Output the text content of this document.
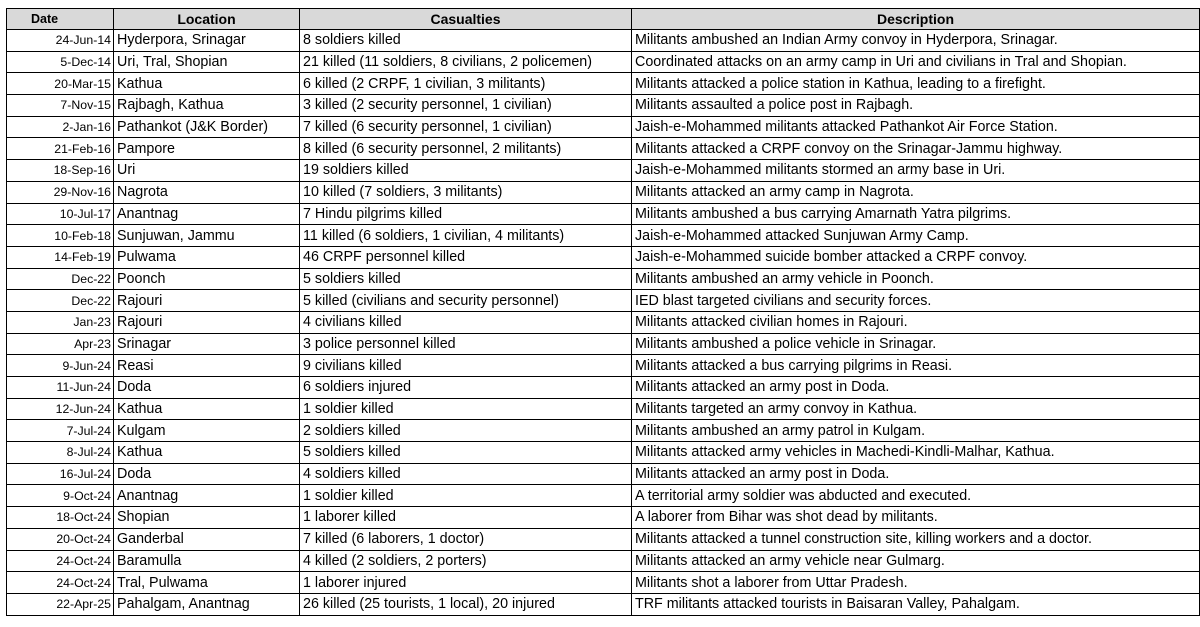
Date	Location	Casualties	Description
24-Jun-14	Hyderpora, Srinagar	8 soldiers killed	Militants ambushed an Indian Army convoy in Hyderpora, Srinagar.
5-Dec-14	Uri, Tral, Shopian	21 killed (11 soldiers, 8 civilians, 2 policemen)	Coordinated attacks on an army camp in Uri and civilians in Tral and Shopian.
20-Mar-15	Kathua	6 killed (2 CRPF, 1 civilian, 3 militants)	Militants attacked a police station in Kathua, leading to a firefight.
7-Nov-15	Rajbagh, Kathua	3 killed (2 security personnel, 1 civilian)	Militants assaulted a police post in Rajbagh.
2-Jan-16	Pathankot (J&K Border)	7 killed (6 security personnel, 1 civilian)	Jaish-e-Mohammed militants attacked Pathankot Air Force Station.
21-Feb-16	Pampore	8 killed (6 security personnel, 2 militants)	Militants attacked a CRPF convoy on the Srinagar-Jammu highway.
18-Sep-16	Uri	19 soldiers killed	Jaish-e-Mohammed militants stormed an army base in Uri.
29-Nov-16	Nagrota	10 killed (7 soldiers, 3 militants)	Militants attacked an army camp in Nagrota.
10-Jul-17	Anantnag	7 Hindu pilgrims killed	Militants ambushed a bus carrying Amarnath Yatra pilgrims.
10-Feb-18	Sunjuwan, Jammu	11 killed (6 soldiers, 1 civilian, 4 militants)	Jaish-e-Mohammed attacked Sunjuwan Army Camp.
14-Feb-19	Pulwama	46 CRPF personnel killed	Jaish-e-Mohammed suicide bomber attacked a CRPF convoy.
Dec-22	Poonch	5 soldiers killed	Militants ambushed an army vehicle in Poonch.
Dec-22	Rajouri	5 killed (civilians and security personnel)	IED blast targeted civilians and security forces.
Jan-23	Rajouri	4 civilians killed	Militants attacked civilian homes in Rajouri.
Apr-23	Srinagar	3 police personnel killed	Militants ambushed a police vehicle in Srinagar.
9-Jun-24	Reasi	9 civilians killed	Militants attacked a bus carrying pilgrims in Reasi.
11-Jun-24	Doda	6 soldiers injured	Militants attacked an army post in Doda.
12-Jun-24	Kathua	1 soldier killed	Militants targeted an army convoy in Kathua.
7-Jul-24	Kulgam	2 soldiers killed	Militants ambushed an army patrol in Kulgam.
8-Jul-24	Kathua	5 soldiers killed	Militants attacked army vehicles in Machedi-Kindli-Malhar, Kathua.
16-Jul-24	Doda	4 soldiers killed	Militants attacked an army post in Doda.
9-Oct-24	Anantnag	1 soldier killed	A territorial army soldier was abducted and executed.
18-Oct-24	Shopian	1 laborer killed	A laborer from Bihar was shot dead by militants.
20-Oct-24	Ganderbal	7 killed (6 laborers, 1 doctor)	Militants attacked a tunnel construction site, killing workers and a doctor.
24-Oct-24	Baramulla	4 killed (2 soldiers, 2 porters)	Militants attacked an army vehicle near Gulmarg.
24-Oct-24	Tral, Pulwama	1 laborer injured	Militants shot a laborer from Uttar Pradesh.
22-Apr-25	Pahalgam, Anantnag	26 killed (25 tourists, 1 local), 20 injured	TRF militants attacked tourists in Baisaran Valley, Pahalgam.
